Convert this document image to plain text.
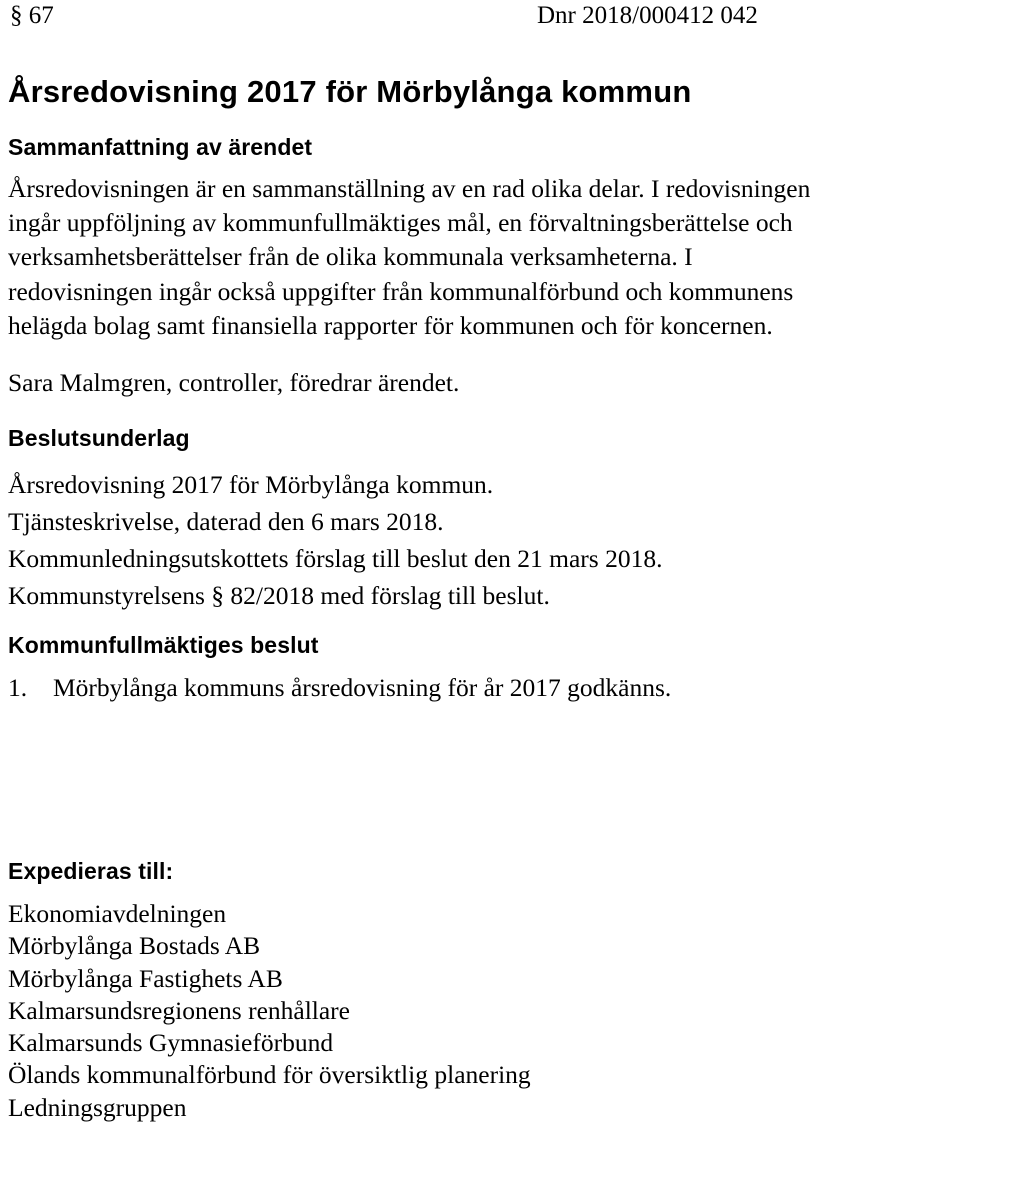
§ 67	Dnr 2018/000412 042
Årsredovisning 2017 för Mörbylånga kommun
Sammanfattning av ärendet
Årsredovisningen är en sammanställning av en rad olika delar. I redovisningen
ingår uppföljning av kommunfullmäktiges mål, en förvaltningsberättelse och
verksamhetsberättelser från de olika kommunala verksamheterna. I
redovisningen ingår också uppgifter från kommunalförbund och kommunens
helägda bolag samt finansiella rapporter för kommunen och för koncernen.
Sara Malmgren, controller, föredrar ärendet.
Beslutsunderlag
Årsredovisning 2017 för Mörbylånga kommun.
Tjänsteskrivelse, daterad den 6 mars 2018.
Kommunledningsutskottets förslag till beslut den 21 mars 2018.
Kommunstyrelsens § 82/2018 med förslag till beslut.
Kommunfullmäktiges beslut
1. Mörbylånga kommuns årsredovisning för år 2017 godkänns.
Expedieras till:
Ekonomiavdelningen
Mörbylånga Bostads AB
Mörbylånga Fastighets AB
Kalmarsundsregionens renhållare
Kalmarsunds Gymnasieförbund
Ölands kommunalförbund för översiktlig planering
Ledningsgruppen
